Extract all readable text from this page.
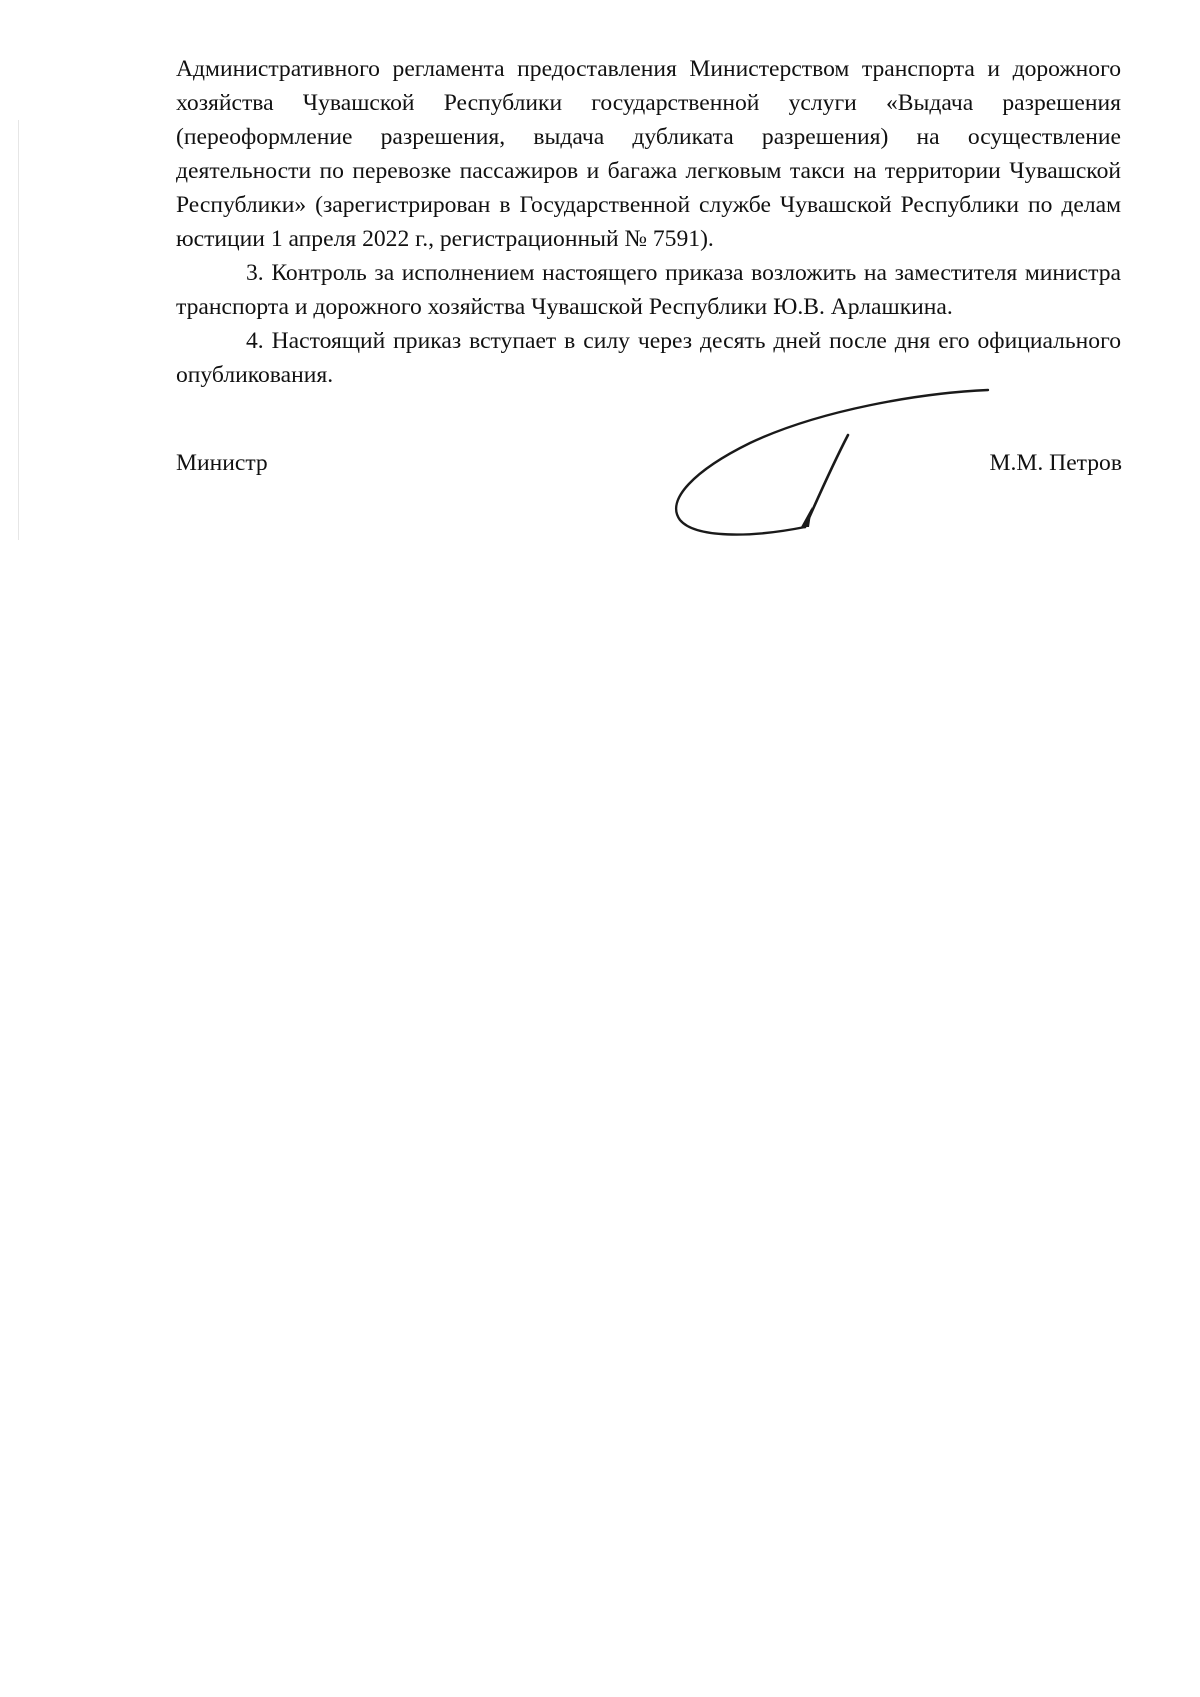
Административного регламента предоставления Министерством транспорта и дорожного хозяйства Чувашской Республики государственной услуги «Выдача разрешения (переоформление разрешения, выдача дубликата разрешения) на осуществление деятельности по перевозке пассажиров и багажа легковым такси на территории Чувашской Республики» (зарегистрирован в Государственной службе Чувашской Республики по делам юстиции 1 апреля 2022 г., регистрационный № 7591).

3. Контроль за исполнением настоящего приказа возложить на заместителя министра транспорта и дорожного хозяйства Чувашской Республики Ю.В. Арлашкина.

4. Настоящий приказ вступает в силу через десять дней после дня его официального опубликования.

Министр	М.М. Петров
